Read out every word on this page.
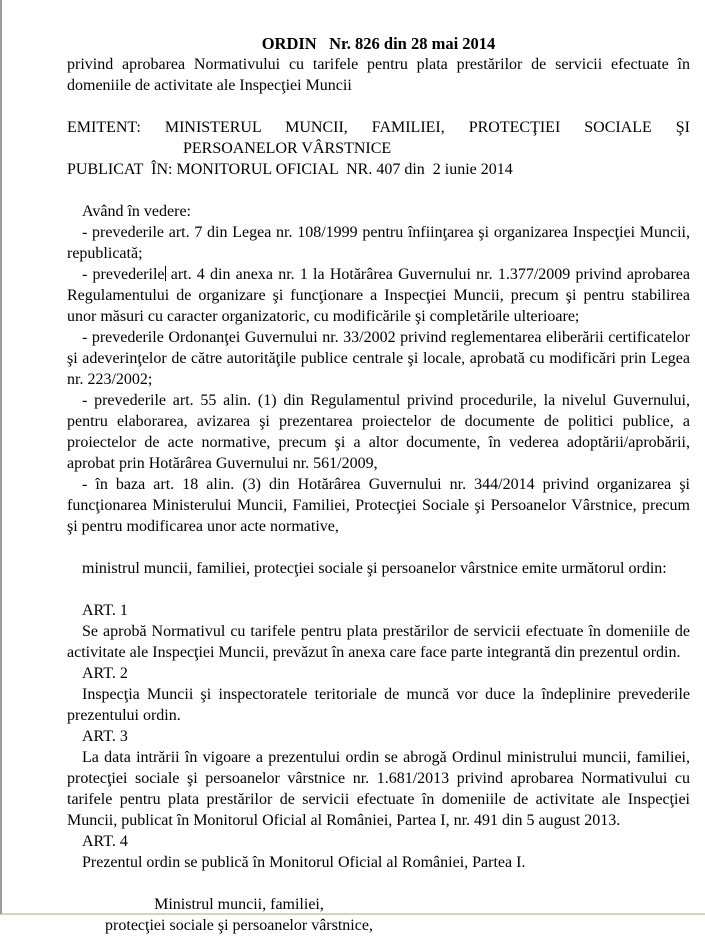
ORDIN   Nr. 826 din 28 mai 2014

privind aprobarea Normativului cu tarifele pentru plata prestărilor de servicii efectuate în domeniile de activitate ale Inspecţiei Muncii

EMITENT: MINISTERUL MUNCII, FAMILIEI, PROTECŢIEI SOCIALE ŞI
PERSOANELOR VÂRSTNICE

PUBLICAT  ÎN: MONITORUL OFICIAL  NR. 407 din  2 iunie 2014

Având în vedere:

- prevederile art. 7 din Legea nr. 108/1999 pentru înfiinţarea şi organizarea Inspecţiei Muncii, republicată;

- prevederile art. 4 din anexa nr. 1 la Hotărârea Guvernului nr. 1.377/2009 privind aprobarea Regulamentului de organizare şi funcţionare a Inspecţiei Muncii, precum şi pentru stabilirea unor măsuri cu caracter organizatoric, cu modificările şi completările ulterioare;

- prevederile Ordonanţei Guvernului nr. 33/2002 privind reglementarea eliberării certificatelor şi adeverinţelor de către autorităţile publice centrale şi locale, aprobată cu modificări prin Legea nr. 223/2002;

- prevederile art. 55 alin. (1) din Regulamentul privind procedurile, la nivelul Guvernului, pentru elaborarea, avizarea şi prezentarea proiectelor de documente de politici publice, a proiectelor de acte normative, precum şi a altor documente, în vederea adoptării/aprobării, aprobat prin Hotărârea Guvernului nr. 561/2009,

- în baza art. 18 alin. (3) din Hotărârea Guvernului nr. 344/2014 privind organizarea şi funcţionarea Ministerului Muncii, Familiei, Protecţiei Sociale şi Persoanelor Vârstnice, precum şi pentru modificarea unor acte normative,

ministrul muncii, familiei, protecţiei sociale şi persoanelor vârstnice emite următorul ordin:

ART. 1

Se aprobă Normativul cu tarifele pentru plata prestărilor de servicii efectuate în domeniile de activitate ale Inspecţiei Muncii, prevăzut în anexa care face parte integrantă din prezentul ordin.

ART. 2

Inspecţia Muncii şi inspectoratele teritoriale de muncă vor duce la îndeplinire prevederile prezentului ordin.

ART. 3

La data intrării în vigoare a prezentului ordin se abrogă Ordinul ministrului muncii, familiei, protecţiei sociale şi persoanelor vârstnice nr. 1.681/2013 privind aprobarea Normativului cu tarifele pentru plata prestărilor de servicii efectuate în domeniile de activitate ale Inspecţiei Muncii, publicat în Monitorul Oficial al României, Partea I, nr. 491 din 5 august 2013.

ART. 4

Prezentul ordin se publică în Monitorul Oficial al României, Partea I.

Ministrul muncii, familiei,

protecţiei sociale şi persoanelor vârstnice,
